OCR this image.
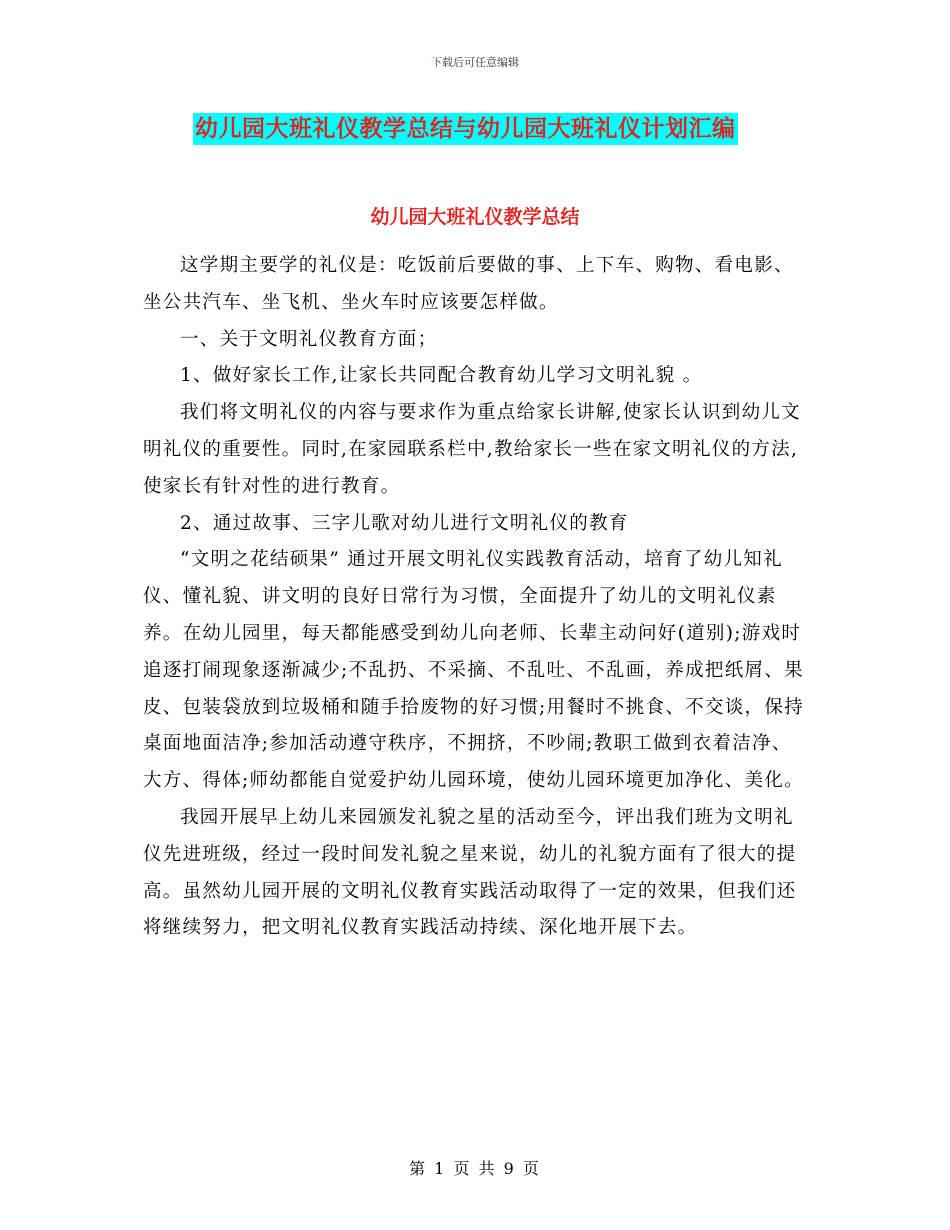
下载后可任意编辑
幼儿园大班礼仪教学总结与幼儿园大班礼仪计划汇编
幼儿园大班礼仪教学总结

这学期主要学的礼仪是：吃饭前后要做的事、上下车、购物、看电影、坐公共汽车、坐飞机、坐火车时应该要怎样做。

一、关于文明礼仪教育方面；

1、做好家长工作,让家长共同配合教育幼儿学习文明礼貌 。

我们将文明礼仪的内容与要求作为重点给家长讲解,使家长认识到幼儿文明礼仪的重要性。同时,在家园联系栏中,教给家长一些在家文明礼仪的方法,使家长有针对性的进行教育。

2、通过故事、三字儿歌对幼儿进行文明礼仪的教育

“文明之花结硕果” 通过开展文明礼仪实践教育活动，培育了幼儿知礼仪、懂礼貌、讲文明的良好日常行为习惯，全面提升了幼儿的文明礼仪素养。在幼儿园里，每天都能感受到幼儿向老师、长辈主动问好(道别);游戏时追逐打闹现象逐渐减少;不乱扔、不采摘、不乱吐、不乱画，养成把纸屑、果皮、包装袋放到垃圾桶和随手拾废物的好习惯;用餐时不挑食、不交谈，保持桌面地面洁净;参加活动遵守秩序，不拥挤，不吵闹;教职工做到衣着洁净、大方、得体;师幼都能自觉爱护幼儿园环境，使幼儿园环境更加净化、美化。

我园开展早上幼儿来园颁发礼貌之星的活动至今，评出我们班为文明礼仪先进班级，经过一段时间发礼貌之星来说，幼儿的礼貌方面有了很大的提高。虽然幼儿园开展的文明礼仪教育实践活动取得了一定的效果，但我们还将继续努力，把文明礼仪教育实践活动持续、深化地开展下去。

第 1 页 共 9 页
